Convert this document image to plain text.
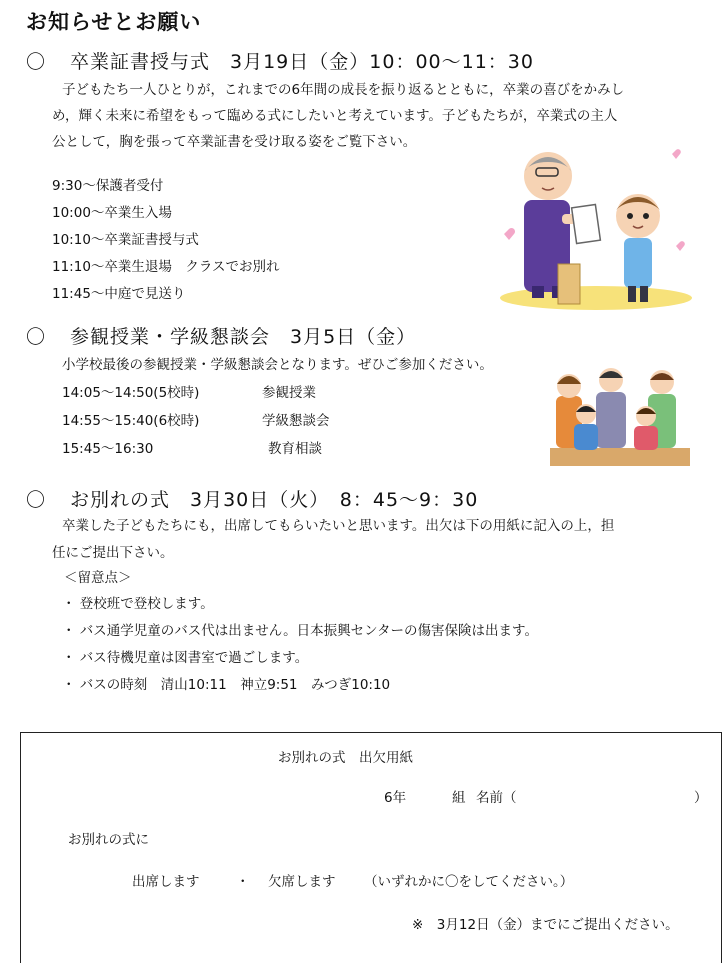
お知らせとお願い
〇 卒業証書授与式　3月19日（金）10：00～11：30
子どもたち一人ひとりが，これまでの6年間の成長を振り返るとともに，卒業の喜びをかみし
め，輝く未来に希望をもって臨める式にしたいと考えています。子どもたちが，卒業式の主人
公として，胸を張って卒業証書を受け取る姿をご覧下さい。
9:30～保護者受付
10:00～卒業生入場
10:10～卒業証書授与式
11:10～卒業生退場　クラスでお別れ
11:45～中庭で見送り
〇 参観授業・学級懇談会　3月5日（金）
小学校最後の参観授業・学級懇談会となります。ぜひご参加ください。
14:05～14:50(5校時)	参観授業
14:55～15:40(6校時)	学級懇談会
15:45～16:30	教育相談
〇 お別れの式　3月30日（火）　8：45～9：30
卒業した子どもたちにも，出席してもらいたいと思います。出欠は下の用紙に記入の上，担
任にご提出下さい。
＜留意点＞
・ 登校班で登校します。
・ バス通学児童のバス代は出ません。日本振興センターの傷害保険は出ます。
・ バス待機児童は図書室で過ごします。
・ バスの時刻　清山10:11　神立9:51　みつぎ10:10
お別れの式　出欠用紙
6年	組 名前（	）
お別れの式に
出席します	・ 欠席します （いずれかに〇をしてください。）
※　3月12日（金）までにご提出ください。
